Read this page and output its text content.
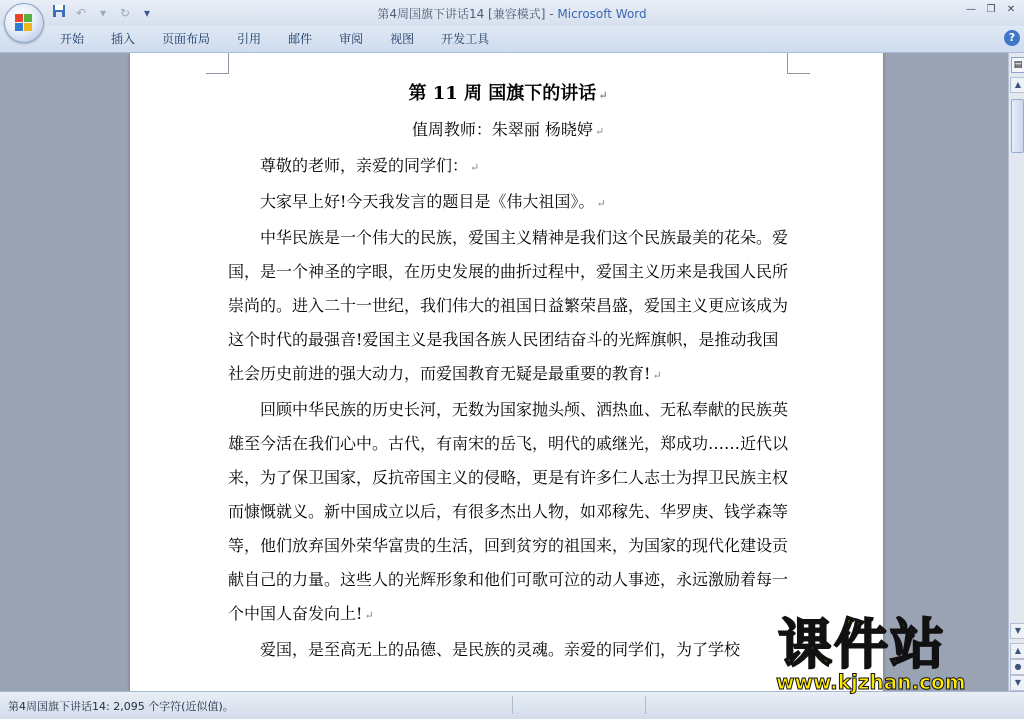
↶	▾	↻	▾	第4周国旗下讲话14 [兼容模式] - Microsoft Word	—	❐	✕
开始	插入	页面布局	引用	邮件	审阅	视图	开发工具	?
第 11 周 国旗下的讲话 ↵
值周教师：朱翠丽 杨晓婷 ↵
尊敬的老师，亲爱的同学们： ↵
大家早上好!今天我发言的题目是《伟大祖国》。 ↵
中华民族是一个伟大的民族，爱国主义精神是我们这个民族最美的花朵。爱国，是一个神圣的字眼，在历史发展的曲折过程中，爱国主义历来是我国人民所崇尚的。进入二十一世纪，我们伟大的祖国日益繁荣昌盛，爱国主义更应该成为这个时代的最强音!爱国主义是我国各族人民团结奋斗的光辉旗帜，是推动我国社会历史前进的强大动力，而爱国教育无疑是最重要的教育! ↵
回顾中华民族的历史长河，无数为国家抛头颅、洒热血、无私奉献的民族英雄至今活在我们心中。古代，有南宋的岳飞，明代的戚继光，郑成功……近代以来，为了保卫国家，反抗帝国主义的侵略，更是有许多仁人志士为捍卫民族主权而慷慨就义。新中国成立以后，有很多杰出人物，如邓稼先、华罗庚、钱学森等等，他们放弃国外荣华富贵的生活，回到贫穷的祖国来，为国家的现代化建设贡献自己的力量。这些人的光辉形象和他们可歌可泣的动人事迹，永远激励着每一个中国人奋发向上! ↵
爱国，是至高无上的品德、是民族的灵魂。亲爱的同学们，为了学校
▤
▲
▼
▲
●
▼
第4周国旗下讲话14: 2,095 个字符(近似值)。
课件站
www.kjzhan.com
